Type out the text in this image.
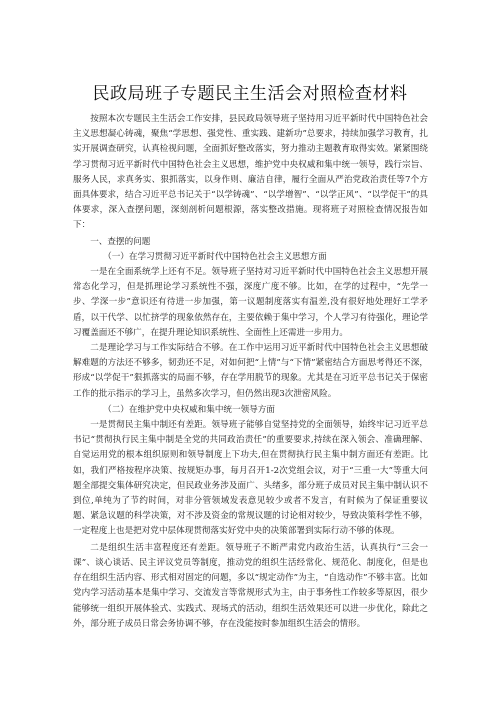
民政局班子专题民主生活会对照检查材料

按照本次专题民主生活会工作安排，县民政局领导班子坚持用习近平新时代中国特色社会主义思想凝心铸魂，聚焦“学思想、强党性、重实践、建新功”总要求，持续加强学习教育，扎实开展调查研究，认真检视问题，全面抓好整改落实，努力推动主题教育取得实效。紧紧围绕学习贯彻习近平新时代中国特色社会主义思想，维护党中央权威和集中统一领导，践行宗旨、服务人民，求真务实、狠抓落实，以身作则、廉洁自律，履行全面从严治党政治责任等7个方面具体要求，结合习近平总书记关于“以学铸魂”、“以学增智”、“以学正风”、“以学促干”的具体要求，深入查摆问题，深刻剖析问题根源，落实整改措施。现将班子对照检查情况报告如下：

一、查摆的问题

（一）在学习贯彻习近平新时代中国特色社会主义思想方面

一是在全面系统学上还有不足。领导班子坚持对习近平新时代中国特色社会主义思想开展常态化学习，但是抓理论学习系统性不强，深度广度不够。比如，在学的过程中，“先学一步、学深一步”意识还有待进一步加强，第一议题制度落实有温差,没有很好地处理好工学矛盾，以干代学、以忙挤学的现象依然存在，主要依赖于集中学习，个人学习有待强化，理论学习覆盖面还不够广，在提升理论知识系统性、全面性上还需进一步用力。

二是理论学习与工作实际结合不够。在工作中运用习近平新时代中国特色社会主义思想破解难题的方法还不够多，韧劲还不足，对如何把“上情”与“下情”紧密结合方面思考得还不深，形成“以学促干”狠抓落实的局面不够，存在学用脱节的现象。尤其是在习近平总书记关于保密工作的批示指示的学习上，虽然多次学习，但仍然出现3次泄密风险。

（二）在维护党中央权威和集中统一领导方面

一是贯彻民主集中制还有差距。领导班子能够自觉坚持党的全面领导，始终牢记习近平总书记“贯彻执行民主集中制是全党的共同政治责任”的重要要求,持续在深入领会、准确理解、自觉运用党的根本组织原则和领导制度上下功夫,但在贯彻执行民主集中制方面还有差距。比如，我们严格按程序决策、按规矩办事，每月召开1-2次党组会议，对于“三重一大”等重大问题全部提交集体研究决定，但民政业务涉及面广、头绪多，部分班子成员对民主集中制认识不到位,单纯为了节约时间，对非分管领域发表意见较少或者不发言，有时候为了保证重要议题、紧急议题的科学决策，对不涉及资金的常规议题的讨论相对较少，导致决策科学性不够，一定程度上也是把对党中层体现贯彻落实好党中央的决策部署到实际行动不够的体现。

二是组织生活丰富程度还有差距。领导班子不断严肃党内政治生活，认真执行“三会一课”、谈心谈话、民主评议党员等制度，推动党的组织生活经常化、规范化、制度化，但是也存在组织生活内容、形式相对固定的问题，多以“规定动作”为主，“自选动作”不够丰富。比如党内学习活动基本是集中学习、交流发言等常规形式为主，由于事务性工作较多等原因，很少能够统一组织开展体验式、实践式、现场式的活动，组织生活效果还可以进一步优化，除此之外，部分班子成员日常会务协调不够，存在没能按时参加组织生活会的情形。
